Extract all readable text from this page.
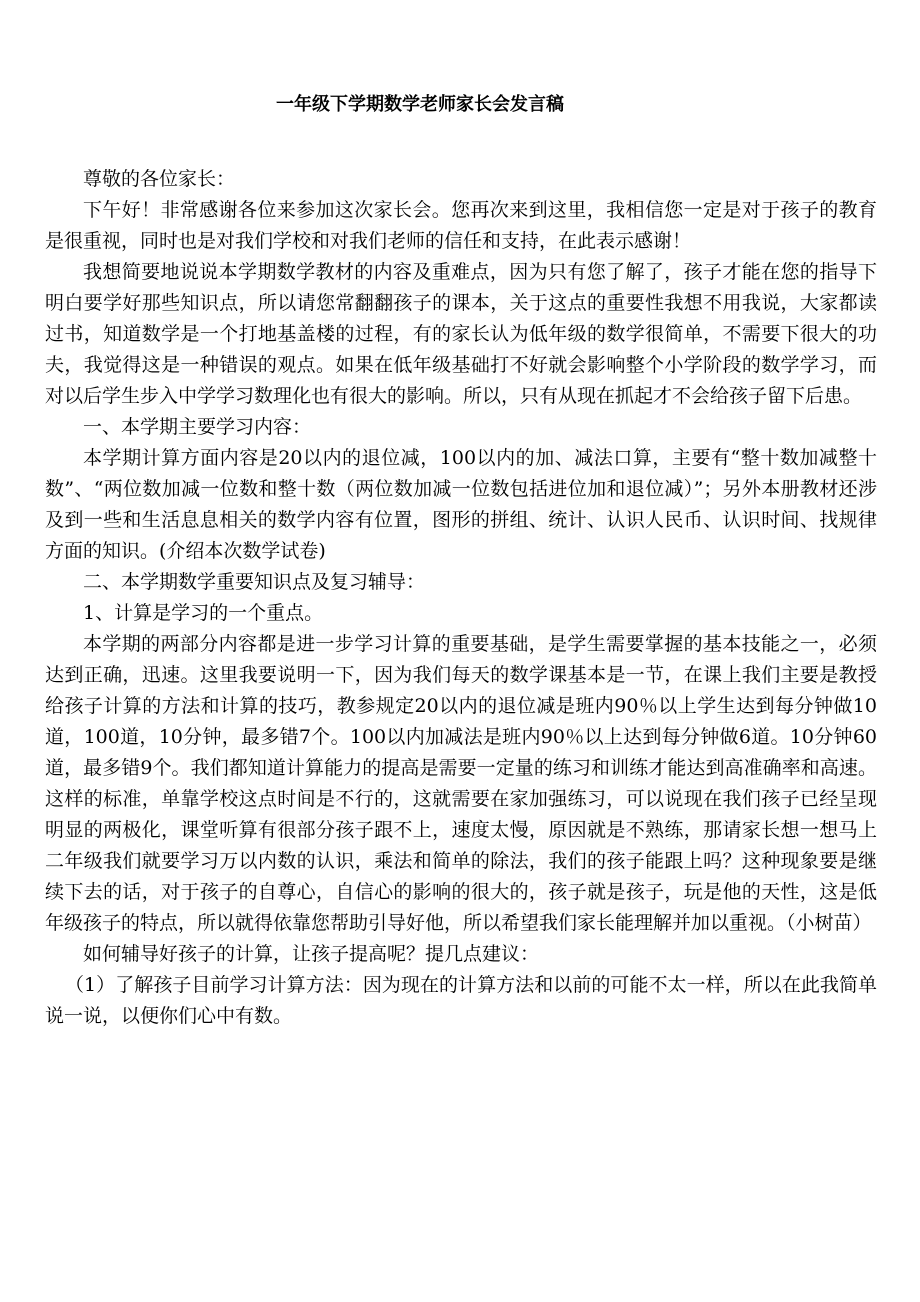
一年级下学期数学老师家长会发言稿

尊敬的各位家长：

下午好！非常感谢各位来参加这次家长会。您再次来到这里，我相信您一定是对于孩子的教育是很重视，同时也是对我们学校和对我们老师的信任和支持，在此表示感谢！

我想简要地说说本学期数学教材的内容及重难点，因为只有您了解了，孩子才能在您的指导下明白要学好那些知识点，所以请您常翻翻孩子的课本，关于这点的重要性我想不用我说，大家都读过书，知道数学是一个打地基盖楼的过程，有的家长认为低年级的数学很简单，不需要下很大的功夫，我觉得这是一种错误的观点。如果在低年级基础打不好就会影响整个小学阶段的数学学习，而对以后学生步入中学学习数理化也有很大的影响。所以，只有从现在抓起才不会给孩子留下后患。

一、本学期主要学习内容：

本学期计算方面内容是20以内的退位减，100以内的加、减法口算，主要有“整十数加减整十数”、“两位数加减一位数和整十数（两位数加减一位数包括进位加和退位减）”；另外本册教材还涉及到一些和生活息息相关的数学内容有位置，图形的拼组、统计、认识人民币、认识时间、找规律方面的知识。(介绍本次数学试卷)

二、本学期数学重要知识点及复习辅导：

1、计算是学习的一个重点。

本学期的两部分内容都是进一步学习计算的重要基础，是学生需要掌握的基本技能之一，必须达到正确，迅速。这里我要说明一下，因为我们每天的数学课基本是一节，在课上我们主要是教授给孩子计算的方法和计算的技巧，教参规定20以内的退位减是班内90％以上学生达到每分钟做10道，100道，10分钟，最多错7个。100以内加减法是班内90％以上达到每分钟做6道。10分钟60道，最多错9个。我们都知道计算能力的提高是需要一定量的练习和训练才能达到高准确率和高速。这样的标准，单靠学校这点时间是不行的，这就需要在家加强练习，可以说现在我们孩子已经呈现明显的两极化，课堂听算有很部分孩子跟不上，速度太慢，原因就是不熟练，那请家长想一想马上二年级我们就要学习万以内数的认识，乘法和简单的除法，我们的孩子能跟上吗？这种现象要是继续下去的话，对于孩子的自尊心，自信心的影响的很大的，孩子就是孩子，玩是他的天性，这是低年级孩子的特点，所以就得依靠您帮助引导好他，所以希望我们家长能理解并加以重视。（小树苗）

如何辅导好孩子的计算，让孩子提高呢？提几点建议：

（1）了解孩子目前学习计算方法：因为现在的计算方法和以前的可能不太一样，所以在此我简单说一说，以便你们心中有数。
